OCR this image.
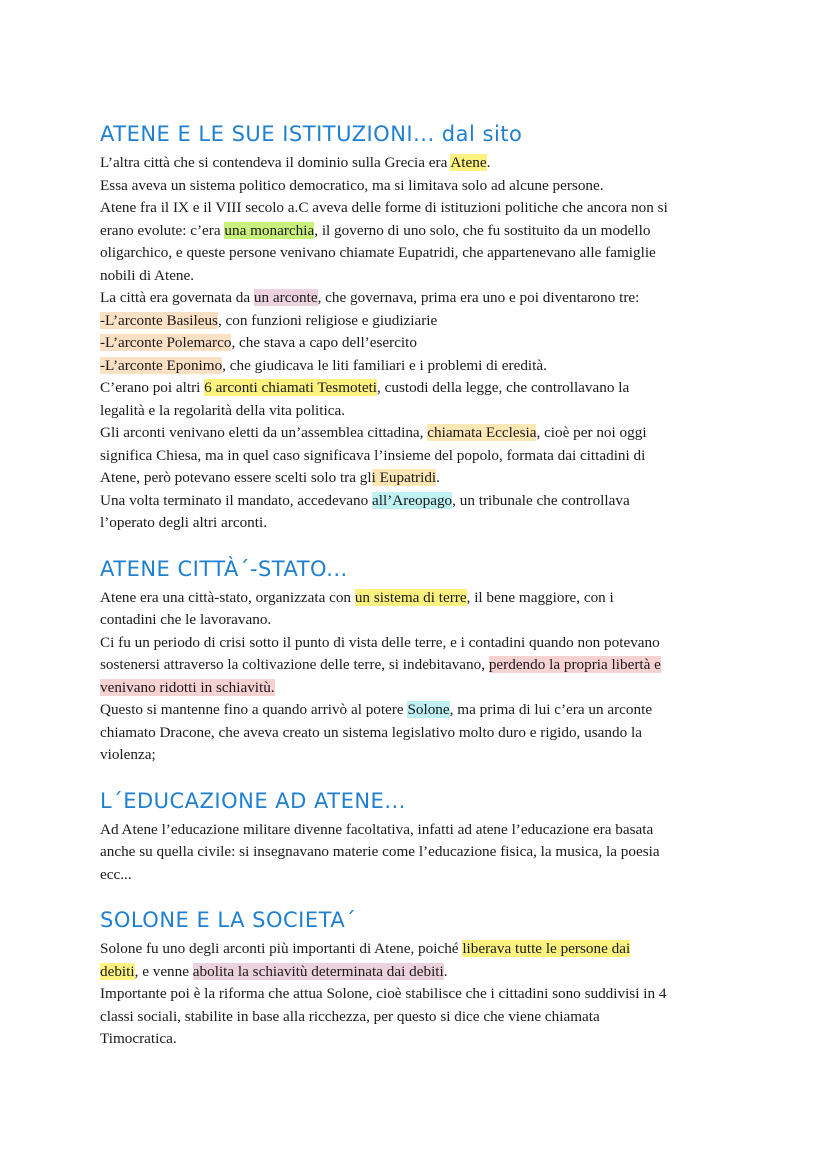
ATENE E LE SUE ISTITUZIONI... dal sito

L’altra città che si contendeva il dominio sulla Grecia era Atene.

Essa aveva un sistema politico democratico, ma si limitava solo ad alcune persone.

Atene fra il IX e il VIII secolo a.C aveva delle forme di istituzioni politiche che ancora non si

erano evolute: c’era una monarchia, il governo di uno solo, che fu sostituito da un modello

oligarchico, e queste persone venivano chiamate Eupatridi, che appartenevano alle famiglie

nobili di Atene.

La città era governata da un arconte, che governava, prima era uno e poi diventarono tre:

-L’arconte Basileus, con funzioni religiose e giudiziarie

-L’arconte Polemarco, che stava a capo dell’esercito

-L’arconte Eponimo, che giudicava le liti familiari e i problemi di eredità.

C’erano poi altri 6 arconti chiamati Tesmoteti, custodi della legge, che controllavano la

legalità e la regolarità della vita politica.

Gli arconti venivano eletti da un’assemblea cittadina, chiamata Ecclesia, cioè per noi oggi

significa Chiesa, ma in quel caso significava l’insieme del popolo, formata dai cittadini di

Atene, però potevano essere scelti solo tra gli Eupatridi.

Una volta terminato il mandato, accedevano all’Areopago, un tribunale che controllava

l’operato degli altri arconti.

ATENE CITTÀ´-STATO...

Atene era una città-stato, organizzata con un sistema di terre, il bene maggiore, con i

contadini che le lavoravano.

Ci fu un periodo di crisi sotto il punto di vista delle terre, e i contadini quando non potevano

sostenersi attraverso la coltivazione delle terre, si indebitavano, perdendo la propria libertà e

venivano ridotti in schiavitù.

Questo si mantenne fino a quando arrivò al potere Solone, ma prima di lui c’era un arconte

chiamato Dracone, che aveva creato un sistema legislativo molto duro e rigido, usando la

violenza;

L´EDUCAZIONE AD ATENE...

Ad Atene l’educazione militare divenne facoltativa, infatti ad atene l’educazione era basata

anche su quella civile: si insegnavano materie come l’educazione fisica, la musica, la poesia

ecc...

SOLONE E LA SOCIETA´

Solone fu uno degli arconti più importanti di Atene, poiché liberava tutte le persone dai

debiti, e venne abolita la schiavitù determinata dai debiti.

Importante poi è la riforma che attua Solone, cioè stabilisce che i cittadini sono suddivisi in 4

classi sociali, stabilite in base alla ricchezza, per questo si dice che viene chiamata

Timocratica.
